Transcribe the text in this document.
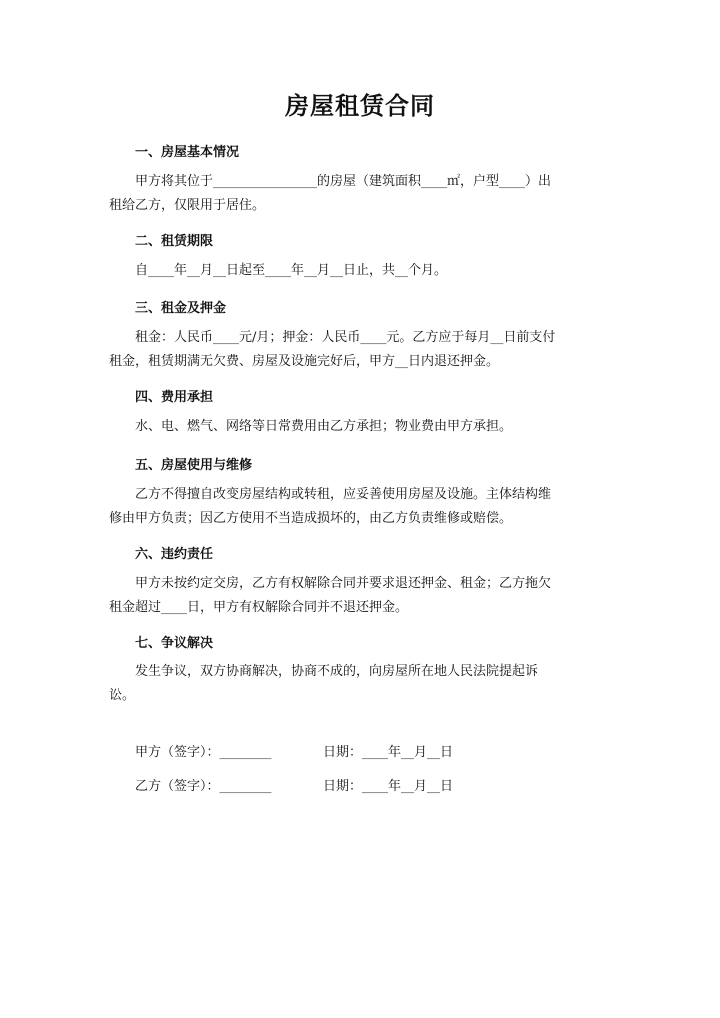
房屋租赁合同
一、房屋基本情况
甲方将其位于________________的房屋（建筑面积____㎡，户型____）出
租给乙方，仅限用于居住。
二、租赁期限
自____年__月__日起至____年__月__日止，共__个月。
三、租金及押金
租金：人民币____元/月；押金：人民币____元。乙方应于每月__日前支付
租金，租赁期满无欠费、房屋及设施完好后，甲方__日内退还押金。
四、费用承担
水、电、燃气、网络等日常费用由乙方承担；物业费由甲方承担。
五、房屋使用与维修
乙方不得擅自改变房屋结构或转租，应妥善使用房屋及设施。主体结构维
修由甲方负责；因乙方使用不当造成损坏的，由乙方负责维修或赔偿。
六、违约责任
甲方未按约定交房，乙方有权解除合同并要求退还押金、租金；乙方拖欠
租金超过____日，甲方有权解除合同并不退还押金。
七、争议解决
发生争议，双方协商解决，协商不成的，向房屋所在地人民法院提起诉
讼。
甲方（签字）：________	日期：____年__月__日
乙方（签字）：________	日期：____年__月__日
